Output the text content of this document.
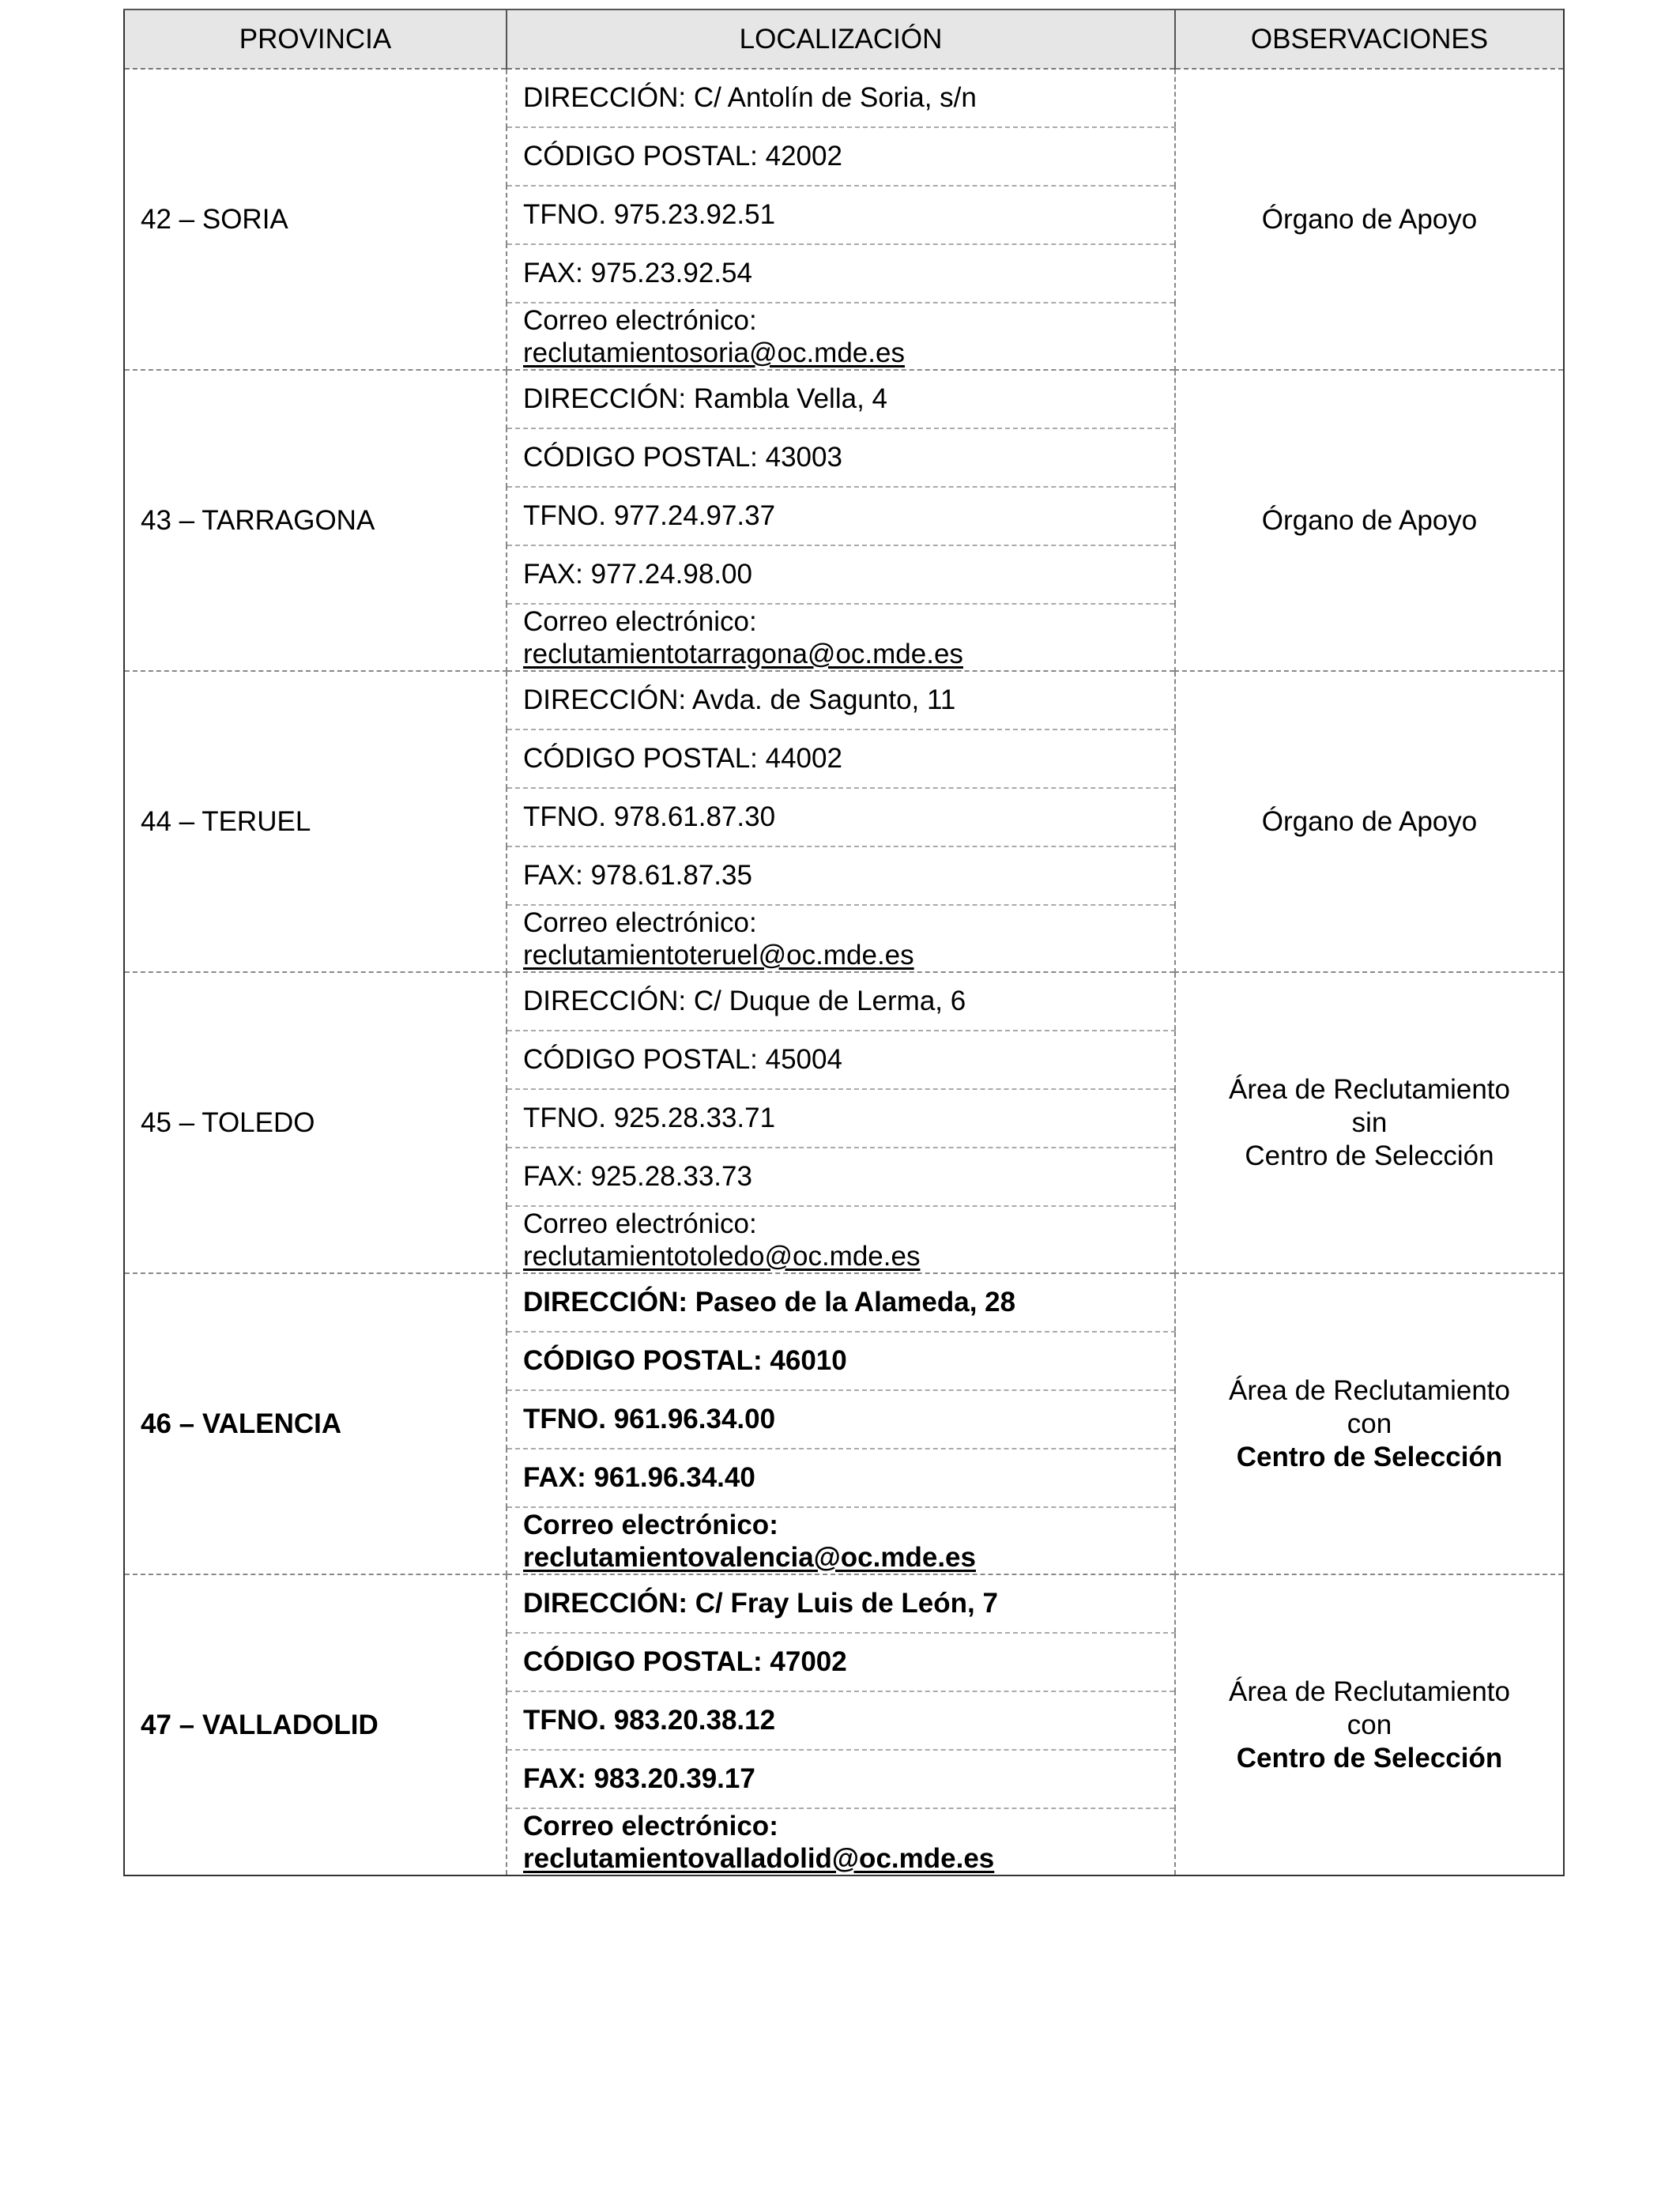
PROVINCIA	LOCALIZACIÓN	OBSERVACIONES
42 – SORIA	DIRECCIÓN: C/ Antolín de Soria, s/n	Órgano de Apoyo

	CÓDIGO POSTAL: 42002	
	TFNO. 975.23.92.51	
	FAX: 975.23.92.54	

	Correo electrónico:
reclutamientosoria@oc.mde.es	

43 – TARRAGONA	DIRECCIÓN: Rambla Vella, 4	Órgano de Apoyo

	CÓDIGO POSTAL: 43003	
	TFNO. 977.24.97.37	
	FAX: 977.24.98.00	

	Correo electrónico:
reclutamientotarragona@oc.mde.es	

44 – TERUEL	DIRECCIÓN: Avda. de Sagunto, 11	Órgano de Apoyo

	CÓDIGO POSTAL: 44002	
	TFNO. 978.61.87.30	
	FAX: 978.61.87.35	

	Correo electrónico:
reclutamientoteruel@oc.mde.es	

45 – TOLEDO	DIRECCIÓN: C/ Duque de Lerma, 6	Área de Reclutamiento
sin
Centro de Selección

	CÓDIGO POSTAL: 45004	
	TFNO. 925.28.33.71	
	FAX: 925.28.33.73	

	Correo electrónico:
reclutamientotoledo@oc.mde.es	

46 – VALENCIA	DIRECCIÓN: Paseo de la Alameda, 28	Área de Reclutamiento
con
Centro de Selección

	CÓDIGO POSTAL: 46010	
	TFNO. 961.96.34.00	
	FAX: 961.96.34.40	

	Correo electrónico:
reclutamientovalencia@oc.mde.es	

47 – VALLADOLID	DIRECCIÓN: C/ Fray Luis de León, 7	Área de Reclutamiento
con
Centro de Selección

	CÓDIGO POSTAL: 47002	
	TFNO. 983.20.38.12	
	FAX: 983.20.39.17	

	Correo electrónico:
reclutamientovalladolid@oc.mde.es	
